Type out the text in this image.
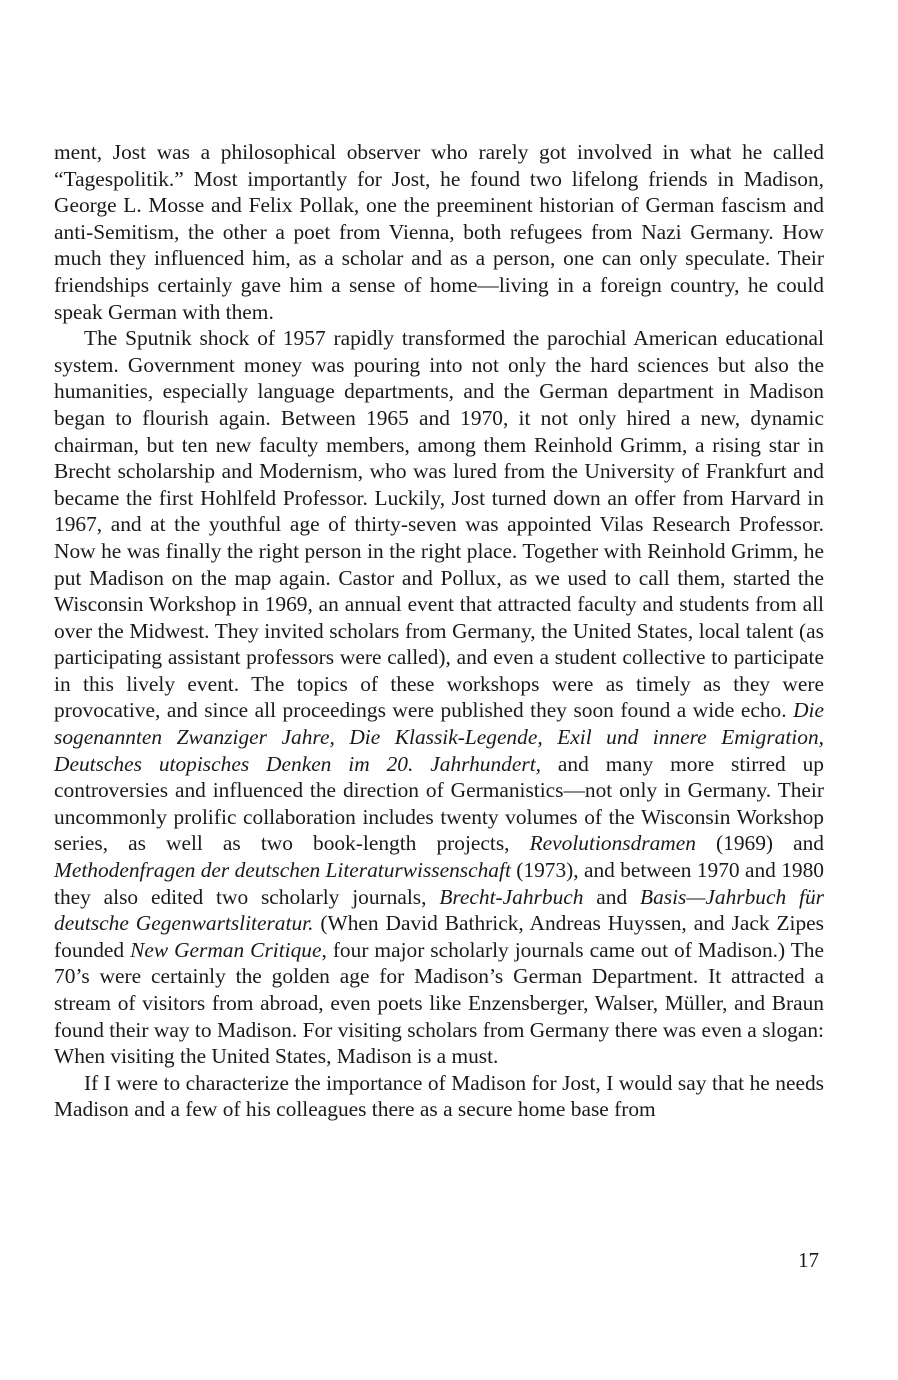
ment, Jost was a philosophical observer who rarely got involved in what he called “Tagespolitik.” Most importantly for Jost, he found two lifelong friends in Madison, George L. Mosse and Felix Pollak, one the preeminent historian of German fascism and anti-Semitism, the other a poet from Vienna, both refugees from Nazi Germany. How much they influenced him, as a scholar and as a person, one can only speculate. Their friendships certainly gave him a sense of home—living in a foreign country, he could speak German with them.

The Sputnik shock of 1957 rapidly transformed the parochial American educational system. Government money was pouring into not only the hard sciences but also the humanities, especially language departments, and the German department in Madison began to flourish again. Between 1965 and 1970, it not only hired a new, dynamic chairman, but ten new faculty members, among them Reinhold Grimm, a rising star in Brecht scholarship and Modernism, who was lured from the University of Frankfurt and became the first Hohlfeld Professor. Luckily, Jost turned down an offer from Harvard in 1967, and at the youthful age of thirty-seven was appointed Vilas Research Professor. Now he was finally the right person in the right place. Together with Reinhold Grimm, he put Madison on the map again. Castor and Pollux, as we used to call them, started the Wisconsin Workshop in 1969, an annual event that attracted faculty and students from all over the Midwest. They invited scholars from Germany, the United States, local talent (as participating assistant professors were called), and even a student collective to participate in this lively event. The topics of these workshops were as timely as they were provocative, and since all proceedings were published they soon found a wide echo. Die sogenannten Zwanziger Jahre, Die Klassik-Legende, Exil und innere Emigration, Deutsches utopisches Denken im 20. Jahrhundert, and many more stirred up controversies and influenced the direction of Germanistics—not only in Germany. Their uncommonly prolific collaboration includes twenty volumes of the Wisconsin Workshop series, as well as two book-length projects, Revolutionsdramen (1969) and Methodenfragen der deutschen Literaturwissenschaft (1973), and between 1970 and 1980 they also edited two scholarly journals, Brecht-Jahrbuch and Basis—Jahrbuch für deutsche Gegenwartsliteratur. (When David Bathrick, Andreas Huyssen, and Jack Zipes founded New German Critique, four major scholarly journals came out of Madison.) The 70’s were certainly the golden age for Madison’s German Department. It attracted a stream of visitors from abroad, even poets like Enzensberger, Walser, Müller, and Braun found their way to Madison. For visiting scholars from Germany there was even a slogan: When visiting the United States, Madison is a must.

If I were to characterize the importance of Madison for Jost, I would say that he needs Madison and a few of his colleagues there as a secure home base from

17
